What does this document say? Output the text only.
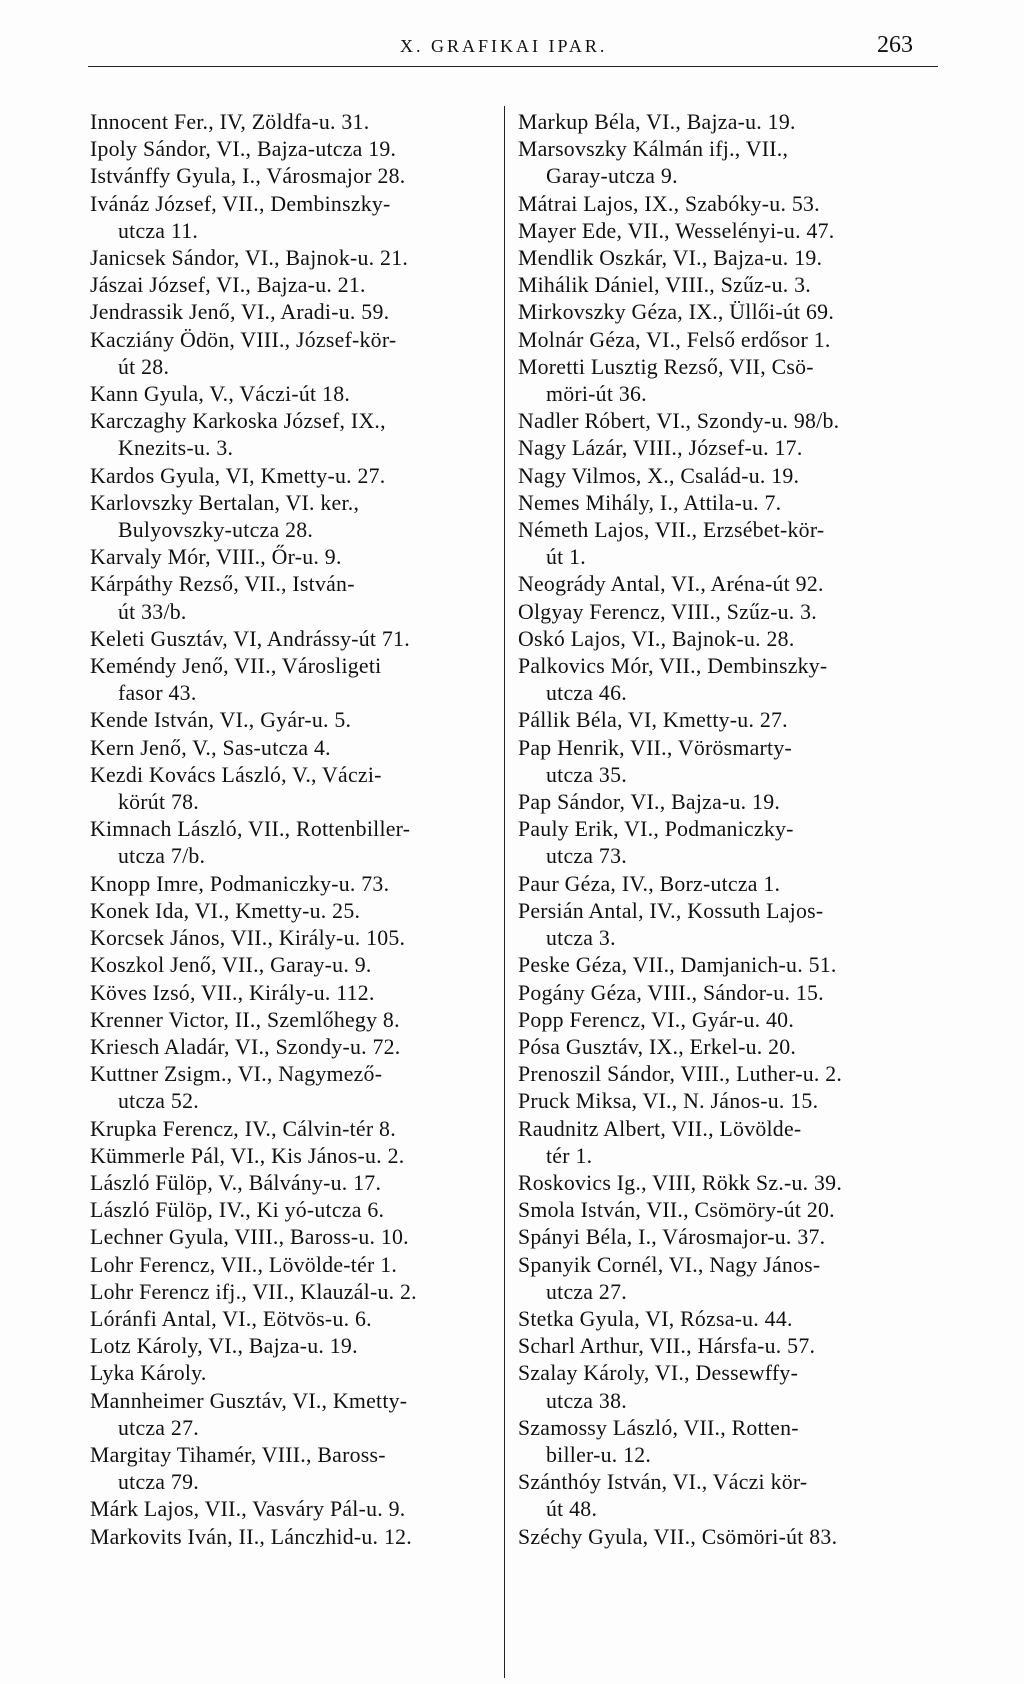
X. GRAFIKAI IPAR.	263
Innocent Fer., IV, Zöldfa-u. 31.
Ipoly Sándor, VI., Bajza-utcza 19.
Istvánffy Gyula, I., Városmajor 28.
Ivánáz József, VII., Dembinszky-
utcza 11.
Janicsek Sándor, VI., Bajnok-u. 21.
Jászai József, VI., Bajza-u. 21.
Jendrassik Jenő, VI., Aradi-u. 59.
Kacziány Ödön, VIII., József-kör-
út 28.
Kann Gyula, V., Váczi-út 18.
Karczaghy Karkoska József, IX.,
Knezits-u. 3.
Kardos Gyula, VI, Kmetty-u. 27.
Karlovszky Bertalan, VI. ker.,
Bulyovszky-utcza 28.
Karvaly Mór, VIII., Őr-u. 9.
Kárpáthy Rezső, VII., István-
út 33/b.
Keleti Gusztáv, VI, Andrássy-út 71.
Keméndy Jenő, VII., Városligeti
fasor 43.
Kende István, VI., Gyár-u. 5.
Kern Jenő, V., Sas-utcza 4.
Kezdi Kovács László, V., Váczi-
körút 78.
Kimnach László, VII., Rottenbiller-
utcza 7/b.
Knopp Imre, Podmaniczky-u. 73.
Konek Ida, VI., Kmetty-u. 25.
Korcsek János, VII., Király-u. 105.
Koszkol Jenő, VII., Garay-u. 9.
Köves Izsó, VII., Király-u. 112.
Krenner Victor, II., Szemlőhegy 8.
Kriesch Aladár, VI., Szondy-u. 72.
Kuttner Zsigm., VI., Nagymező-
utcza 52.
Krupka Ferencz, IV., Cálvin-tér 8.
Kümmerle Pál, VI., Kis János-u. 2.
László Fülöp, V., Bálvány-u. 17.
László Fülöp, IV., Ki yó-utcza 6.
Lechner Gyula, VIII., Baross-u. 10.
Lohr Ferencz, VII., Lövölde-tér 1.
Lohr Ferencz ifj., VII., Klauzál-u. 2.
Lóránfi Antal, VI., Eötvös-u. 6.
Lotz Károly, VI., Bajza-u. 19.
Lyka Károly.
Mannheimer Gusztáv, VI., Kmetty-
utcza 27.
Margitay Tihamér, VIII., Baross-
utcza 79.
Márk Lajos, VII., Vasváry Pál-u. 9.
Markovits Iván, II., Lánczhid-u. 12.
Markup Béla, VI., Bajza-u. 19.
Marsovszky Kálmán ifj., VII.,
Garay-utcza 9.
Mátrai Lajos, IX., Szabóky-u. 53.
Mayer Ede, VII., Wesselényi-u. 47.
Mendlik Oszkár, VI., Bajza-u. 19.
Mihálik Dániel, VIII., Szűz-u. 3.
Mirkovszky Géza, IX., Üllői-út 69.
Molnár Géza, VI., Felső erdősor 1.
Moretti Lusztig Rezső, VII, Csö-
möri-út 36.
Nadler Róbert, VI., Szondy-u. 98/b.
Nagy Lázár, VIII., József-u. 17.
Nagy Vilmos, X., Család-u. 19.
Nemes Mihály, I., Attila-u. 7.
Németh Lajos, VII., Erzsébet-kör-
út 1.
Neogrády Antal, VI., Aréna-út 92.
Olgyay Ferencz, VIII., Szűz-u. 3.
Oskó Lajos, VI., Bajnok-u. 28.
Palkovics Mór, VII., Dembinszky-
utcza 46.
Pállik Béla, VI, Kmetty-u. 27.
Pap Henrik, VII., Vörösmarty-
utcza 35.
Pap Sándor, VI., Bajza-u. 19.
Pauly Erik, VI., Podmaniczky-
utcza 73.
Paur Géza, IV., Borz-utcza 1.
Persián Antal, IV., Kossuth Lajos-
utcza 3.
Peske Géza, VII., Damjanich-u. 51.
Pogány Géza, VIII., Sándor-u. 15.
Popp Ferencz, VI., Gyár-u. 40.
Pósa Gusztáv, IX., Erkel-u. 20.
Prenoszil Sándor, VIII., Luther-u. 2.
Pruck Miksa, VI., N. János-u. 15.
Raudnitz Albert, VII., Lövölde-
tér 1.
Roskovics Ig., VIII, Rökk Sz.-u. 39.
Smola István, VII., Csömöry-út 20.
Spányi Béla, I., Városmajor-u. 37.
Spanyik Cornél, VI., Nagy János-
utcza 27.
Stetka Gyula, VI, Rózsa-u. 44.
Scharl Arthur, VII., Hársfa-u. 57.
Szalay Károly, VI., Dessewffy-
utcza 38.
Szamossy László, VII., Rotten-
biller-u. 12.
Szánthóy István, VI., Váczi kör-
út 48.
Széchy Gyula, VII., Csömöri-út 83.
